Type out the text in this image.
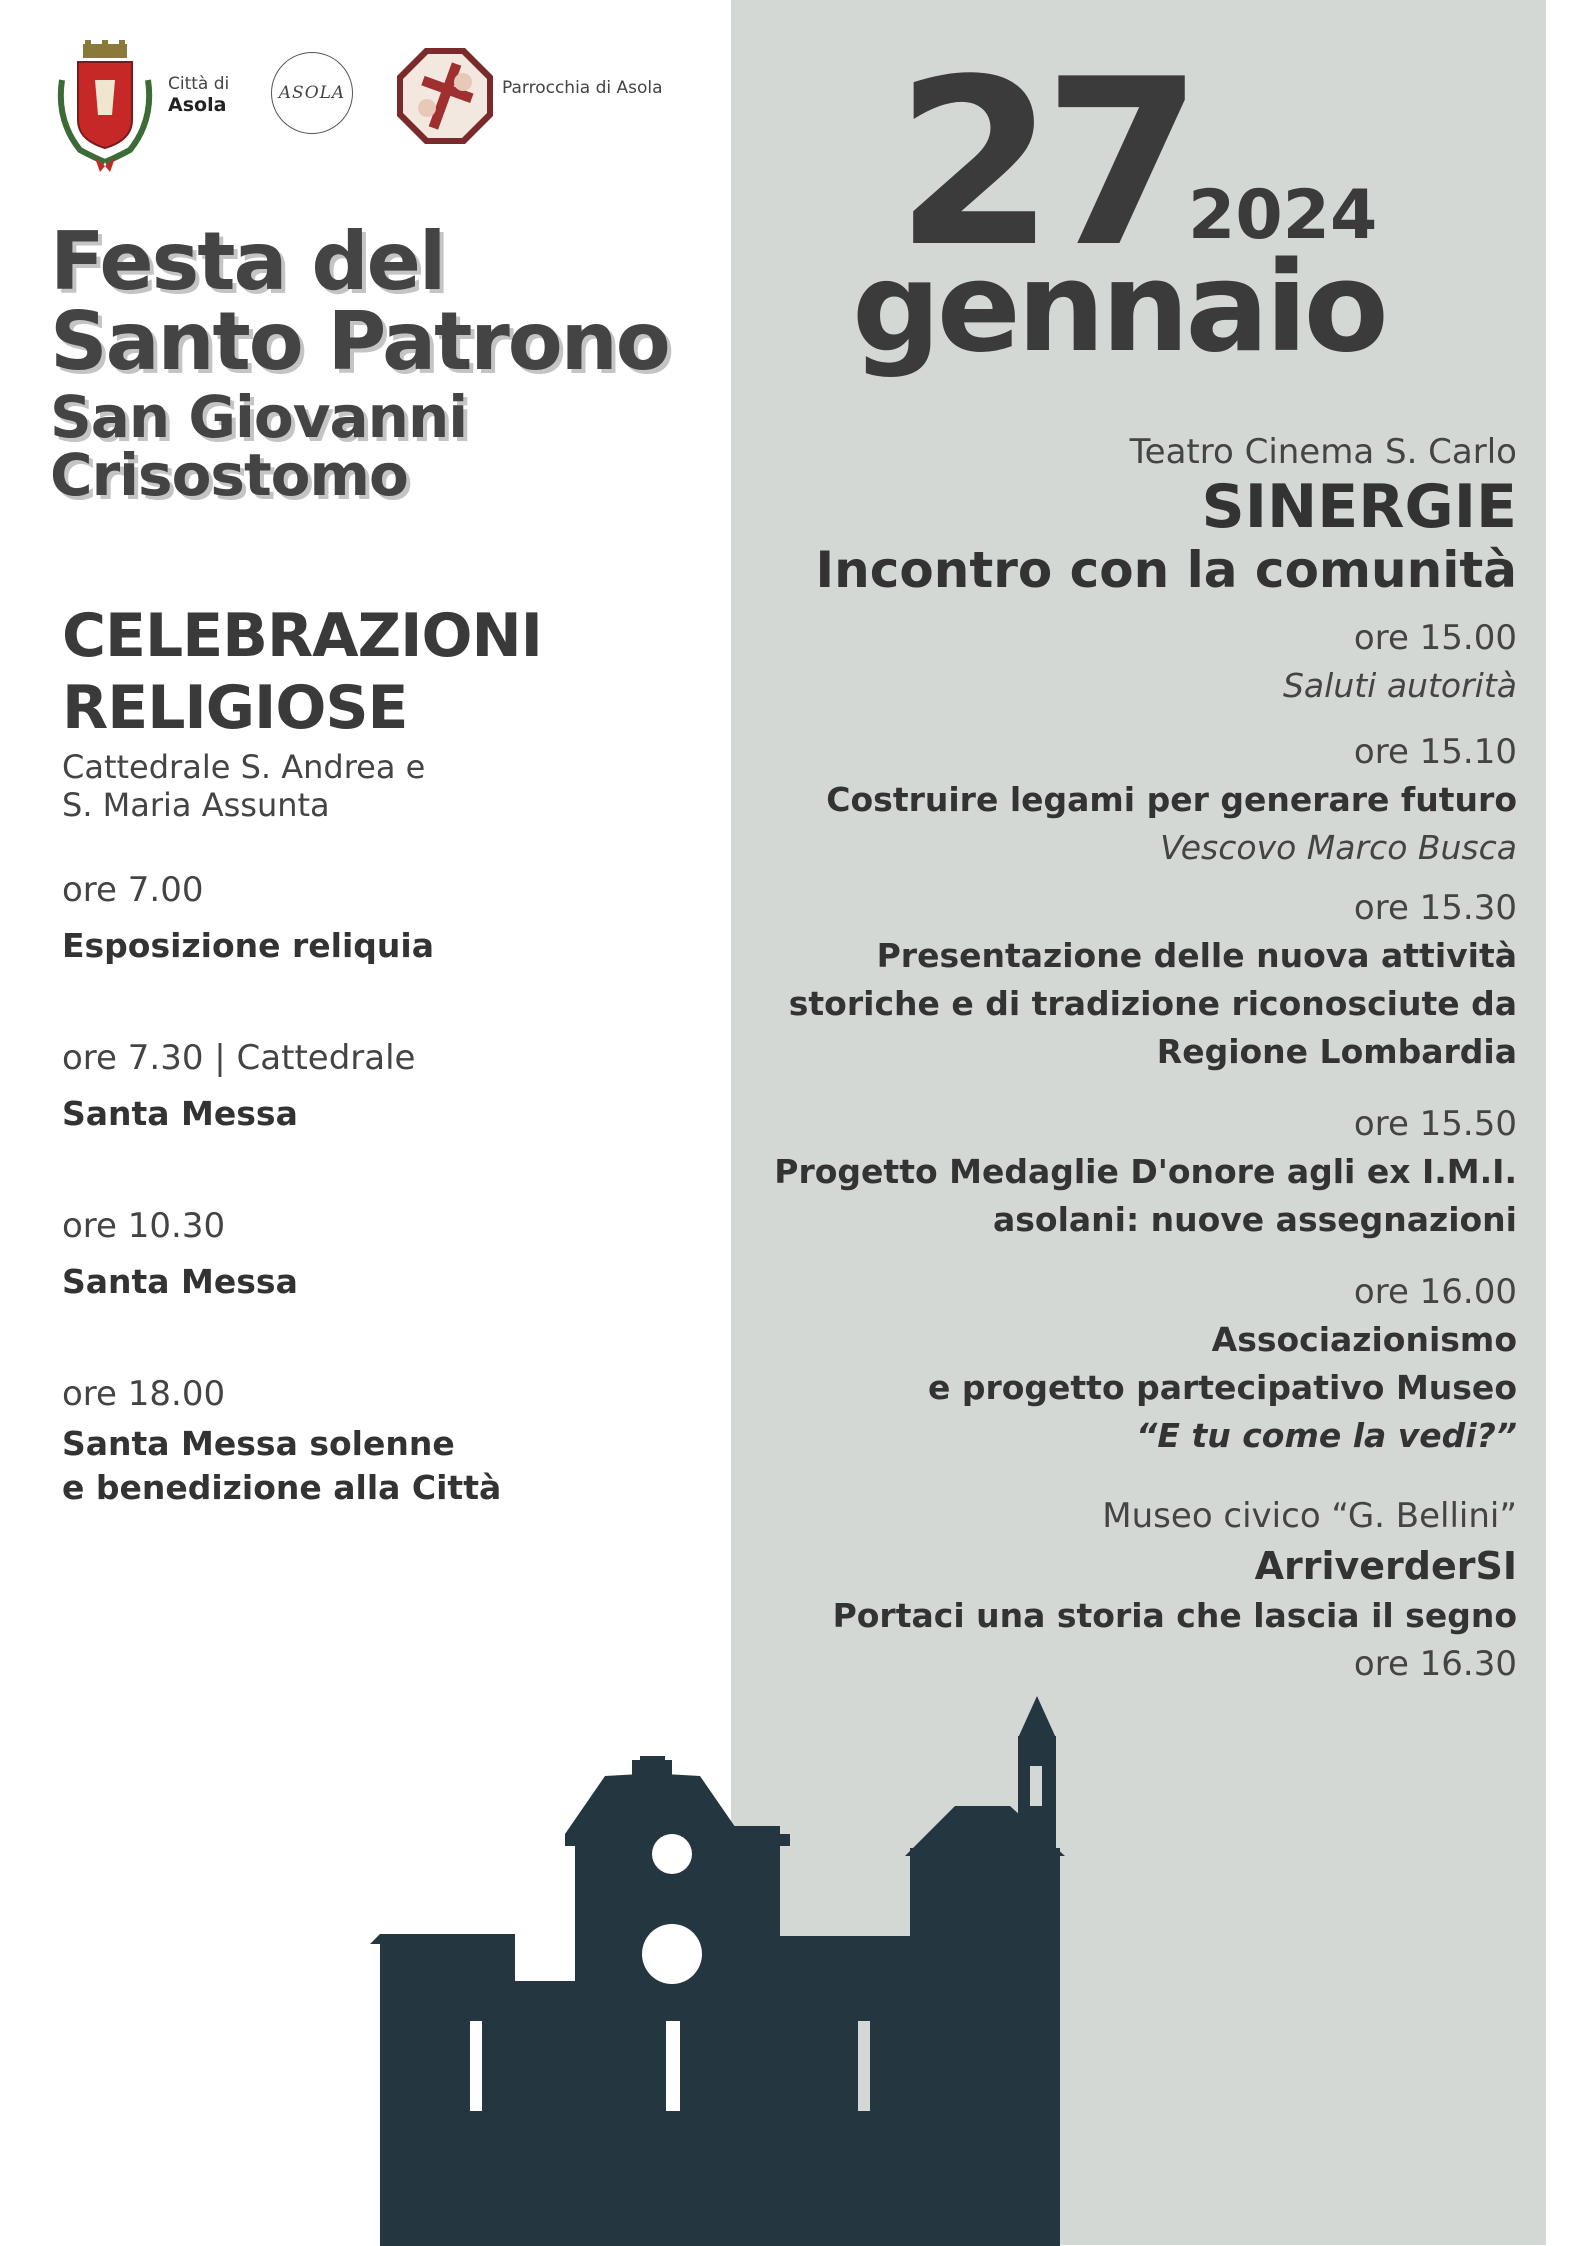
Città di
Asola
ASOLA	Parrocchia di Asola
Festa del
Santo Patrono
San Giovanni
Crisostomo
CELEBRAZIONI
RELIGIOSE
Cattedrale S. Andrea e
S. Maria Assunta
ore 7.00
Esposizione reliquia
ore 7.30 | Cattedrale
Santa Messa
ore 10.30
Santa Messa
ore 18.00
Santa Messa solenne
e benedizione alla Città
27
2024
gennaio
Teatro Cinema S. Carlo
SINERGIE
Incontro con la comunità
ore 15.00
Saluti autorità
ore 15.10
Costruire legami per generare futuro
Vescovo Marco Busca
ore 15.30
Presentazione delle nuova attività
storiche e di tradizione riconosciute da
Regione Lombardia
ore 15.50
Progetto Medaglie D'onore agli ex I.M.I.
asolani: nuove assegnazioni
ore 16.00
Associazionismo
e progetto partecipativo Museo
“E tu come la vedi?”
Museo civico “G. Bellini”
ArriverderSI
Portaci una storia che lascia il segno
ore 16.30
